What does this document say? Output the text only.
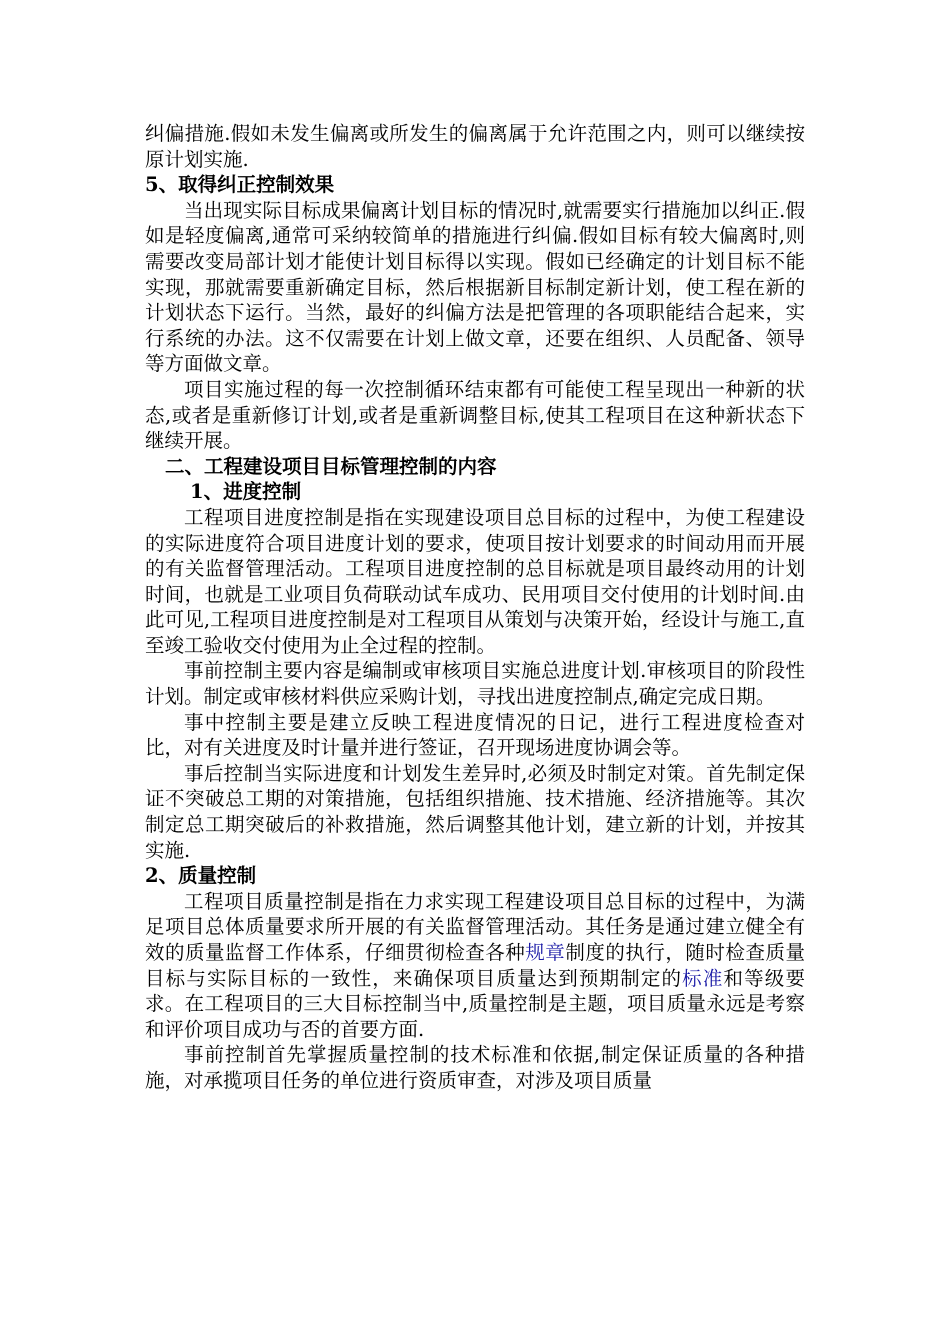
纠偏措施.假如未发生偏离或所发生的偏离属于允许范围之内，则可以继续按原计划实施.

5、取得纠正控制效果

当出现实际目标成果偏离计划目标的情况时,就需要实行措施加以纠正.假如是轻度偏离,通常可采纳较简单的措施进行纠偏.假如目标有较大偏离时,则需要改变局部计划才能使计划目标得以实现。假如已经确定的计划目标不能实现，那就需要重新确定目标，然后根据新目标制定新计划，使工程在新的计划状态下运行。当然，最好的纠偏方法是把管理的各项职能结合起来，实行系统的办法。这不仅需要在计划上做文章，还要在组织、人员配备、领导等方面做文章。

项目实施过程的每一次控制循环结束都有可能使工程呈现出一种新的状态,或者是重新修订计划,或者是重新调整目标,使其工程项目在这种新状态下继续开展。

二、工程建设项目目标管理控制的内容

1、进度控制

工程项目进度控制是指在实现建设项目总目标的过程中，为使工程建设的实际进度符合项目进度计划的要求，使项目按计划要求的时间动用而开展的有关监督管理活动。工程项目进度控制的总目标就是项目最终动用的计划时间，也就是工业项目负荷联动试车成功、民用项目交付使用的计划时间.由此可见,工程项目进度控制是对工程项目从策划与决策开始，经设计与施工,直至竣工验收交付使用为止全过程的控制。

事前控制主要内容是编制或审核项目实施总进度计划.审核项目的阶段性计划。制定或审核材料供应采购计划，寻找出进度控制点,确定完成日期。

事中控制主要是建立反映工程进度情况的日记，进行工程进度检查对比，对有关进度及时计量并进行签证，召开现场进度协调会等。

事后控制当实际进度和计划发生差异时,必须及时制定对策。首先制定保证不突破总工期的对策措施，包括组织措施、技术措施、经济措施等。其次制定总工期突破后的补救措施，然后调整其他计划，建立新的计划，并按其实施.

2、质量控制

工程项目质量控制是指在力求实现工程建设项目总目标的过程中，为满足项目总体质量要求所开展的有关监督管理活动。其任务是通过建立健全有效的质量监督工作体系，仔细贯彻检查各种规章制度的执行，随时检查质量目标与实际目标的一致性，来确保项目质量达到预期制定的标准和等级要求。在工程项目的三大目标控制当中,质量控制是主题，项目质量永远是考察和评价项目成功与否的首要方面.

事前控制首先掌握质量控制的技术标准和依据,制定保证质量的各种措施，对承揽项目任务的单位进行资质审查，对涉及项目质量
